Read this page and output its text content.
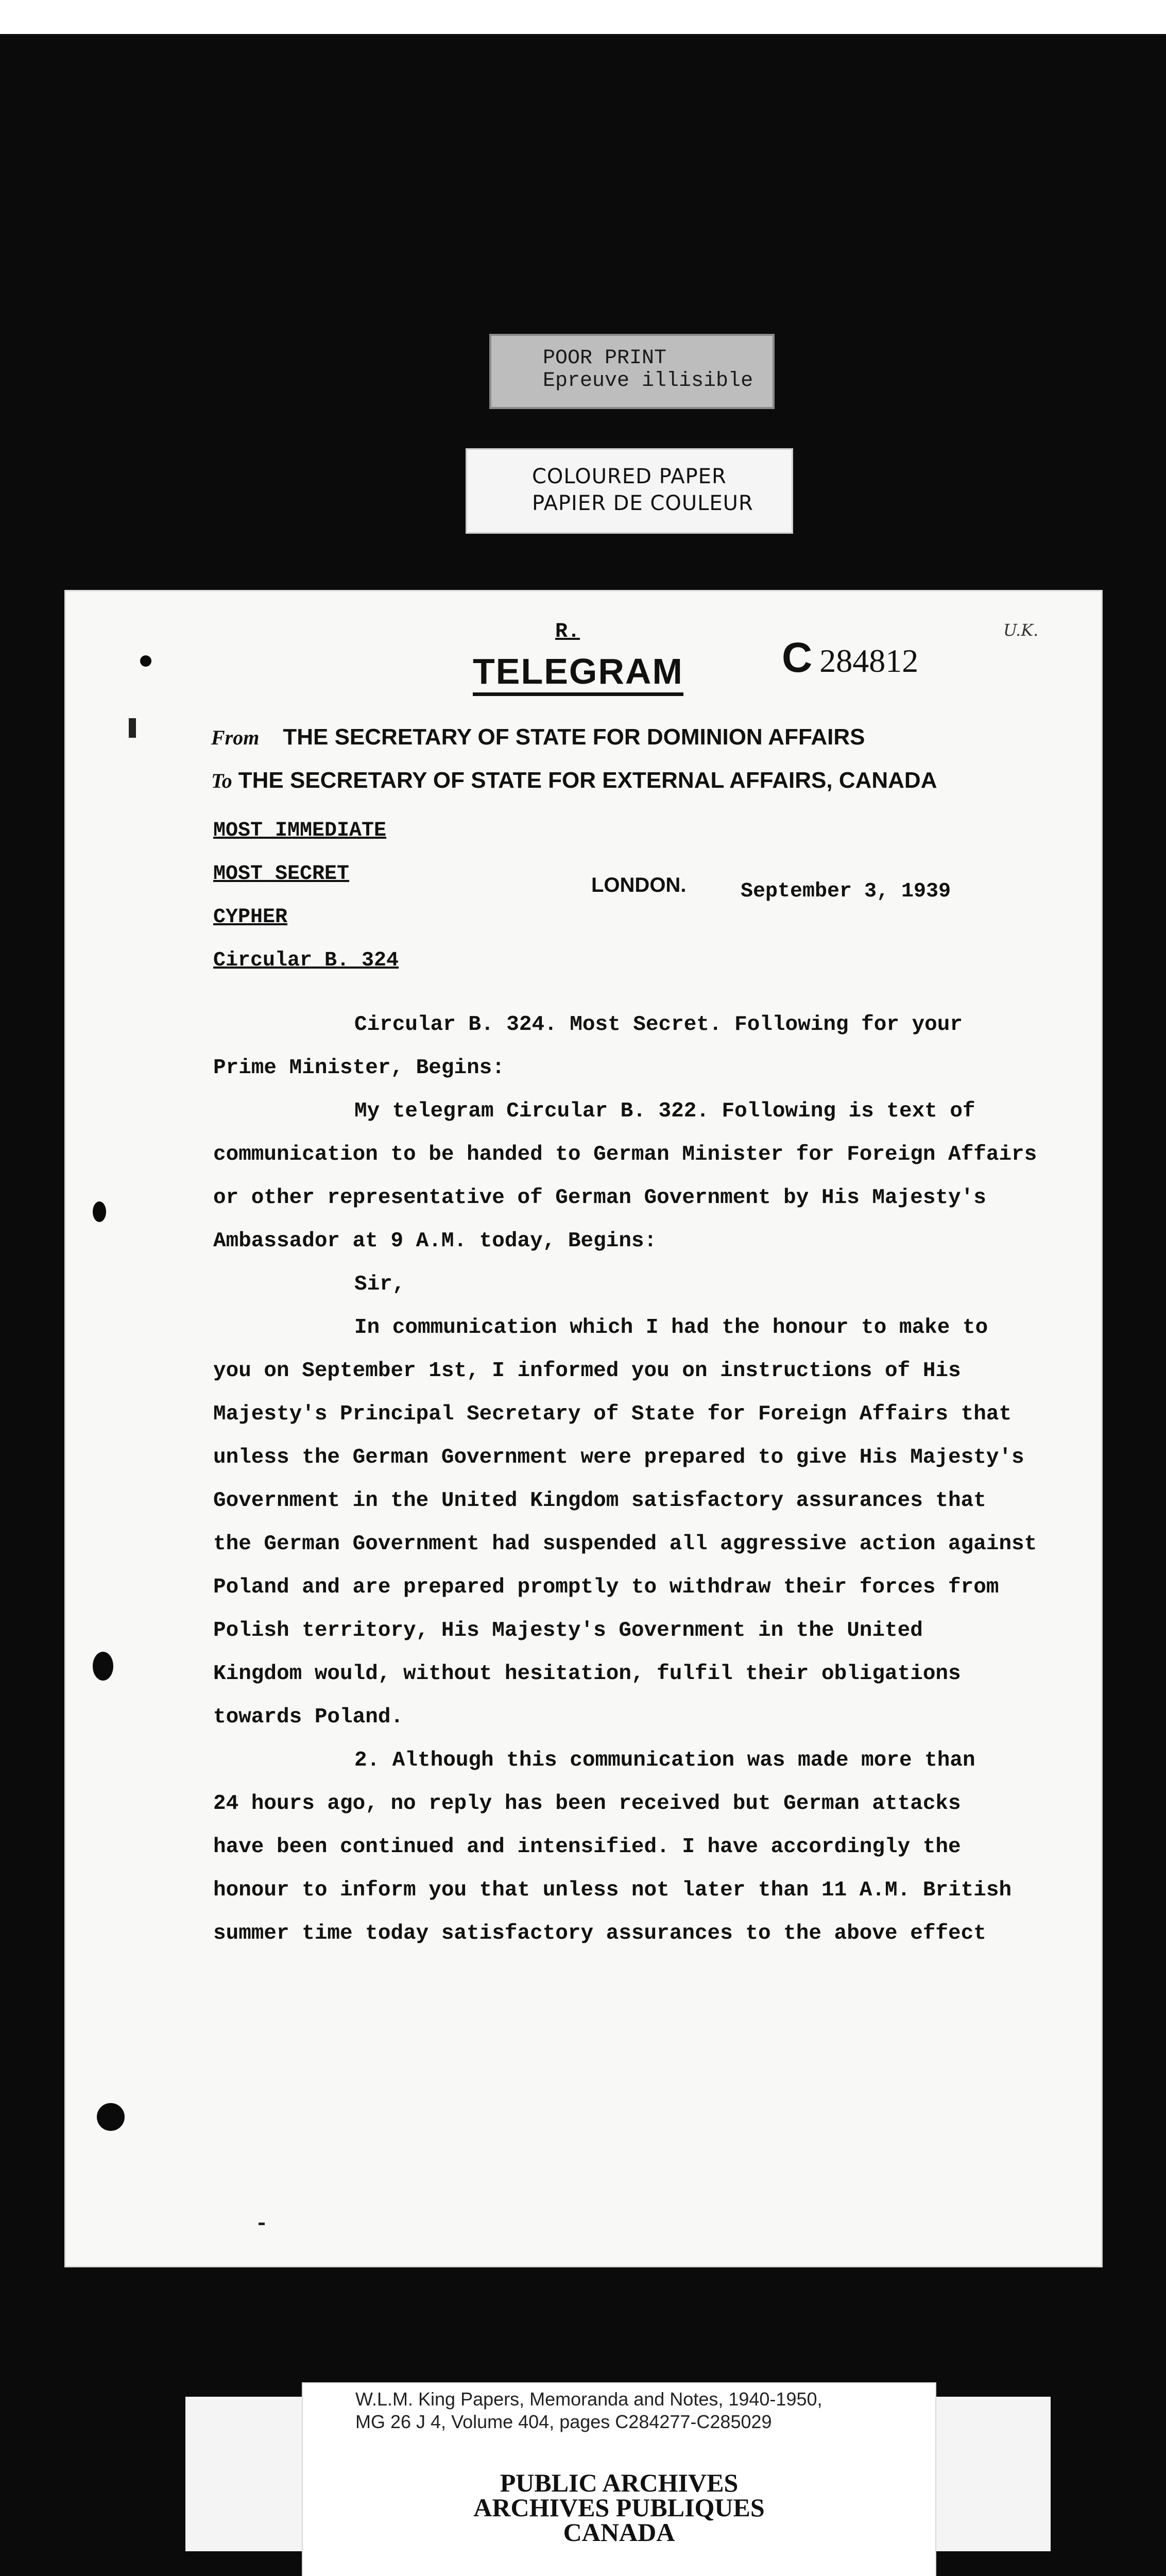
POOR PRINT
Epreuve illisible
COLOURED PAPER
PAPIER DE COULEUR
R.
TELEGRAM C 284812
U.K.
From THE SECRETARY OF STATE FOR DOMINION AFFAIRS
To THE SECRETARY OF STATE FOR EXTERNAL AFFAIRS, CANADA
MOST IMMEDIATE
MOST SECRET
CYPHER
Circular B. 324
LONDON.	September 3, 1939
Circular B. 324. Most Secret. Following for your
Prime Minister, Begins:
My telegram Circular B. 322. Following is text of
communication to be handed to German Minister for Foreign Affairs
or other representative of German Government by His Majesty's
Ambassador at 9 A.M. today, Begins:
Sir,
In communication which I had the honour to make to
you on September 1st, I informed you on instructions of His
Majesty's Principal Secretary of State for Foreign Affairs that
unless the German Government were prepared to give His Majesty's
Government in the United Kingdom satisfactory assurances that
the German Government had suspended all aggressive action against
Poland and are prepared promptly to withdraw their forces from
Polish territory, His Majesty's Government in the United
Kingdom would, without hesitation, fulfil their obligations
towards Poland.
2. Although this communication was made more than
24 hours ago, no reply has been received but German attacks
have been continued and intensified. I have accordingly the
honour to inform you that unless not later than 11 A.M. British
summer time today satisfactory assurances to the above effect
W.L.M. King Papers, Memoranda and Notes, 1940-1950,
MG 26 J 4, Volume 404, pages C284277-C285029
PUBLIC ARCHIVES
ARCHIVES PUBLIQUES
CANADA
